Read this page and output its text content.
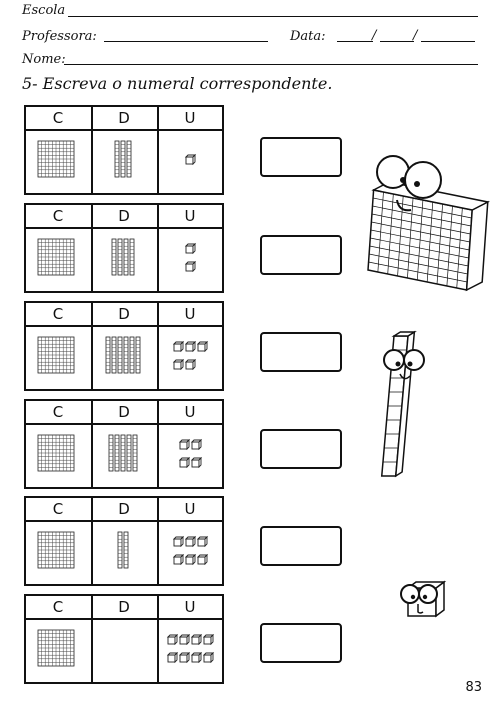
Escola
Professora:	Data:	/	/
Nome:
5- Escreva o numeral correspondente.
C	D	U
C	D	U
C	D	U
C	D	U
C	D	U
C	D	U
83
